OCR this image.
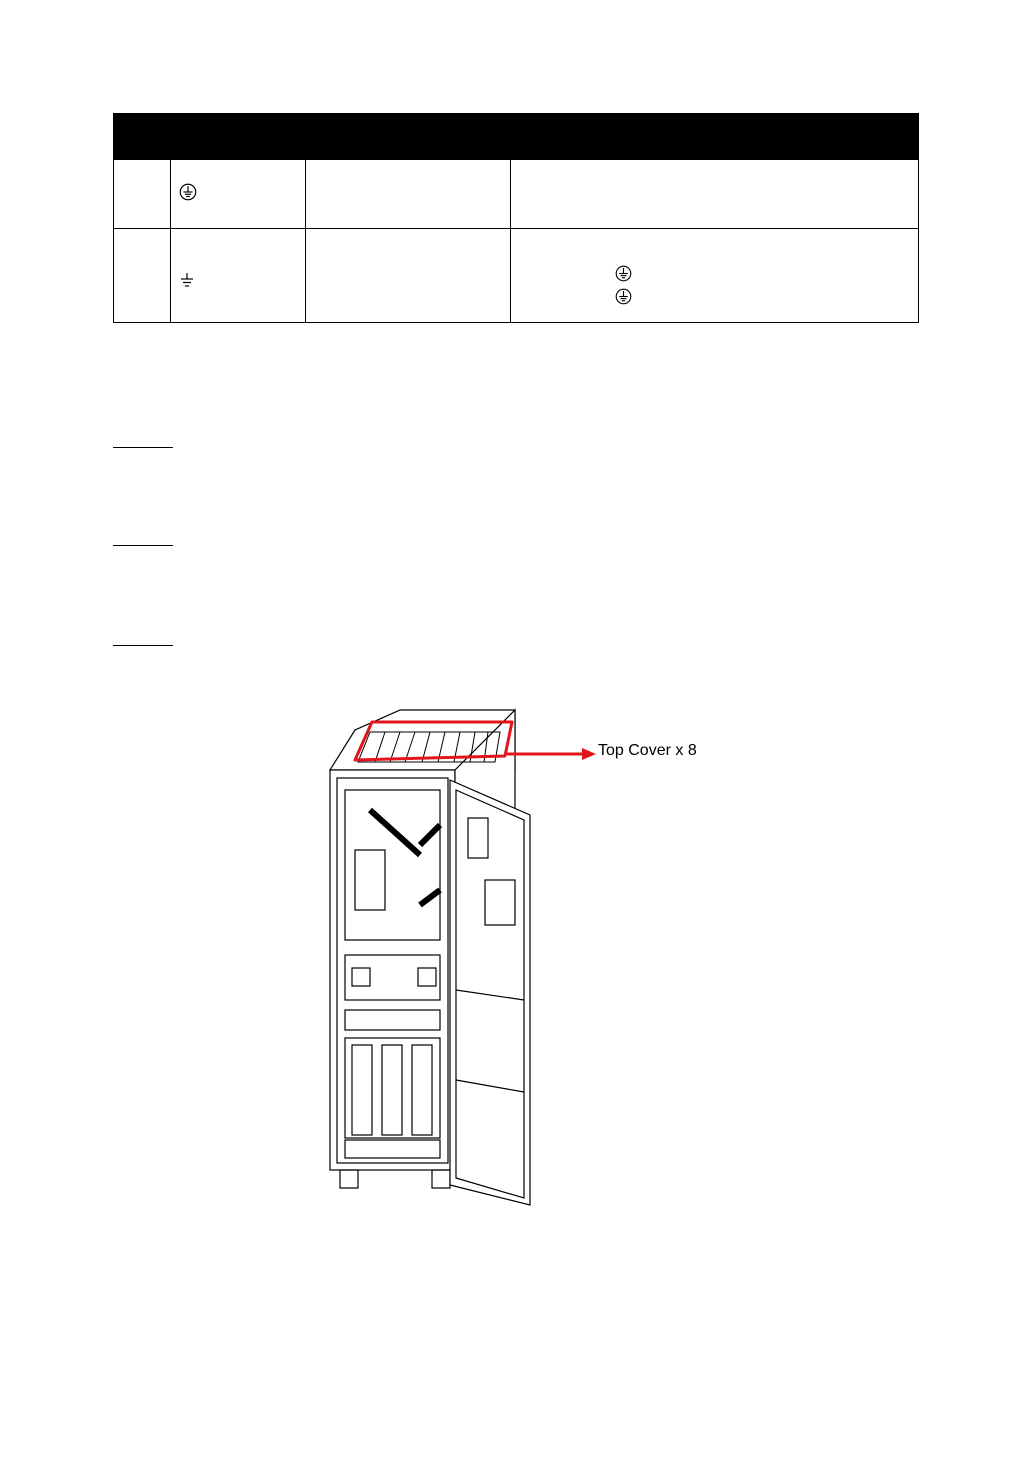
Top Cover x 8
